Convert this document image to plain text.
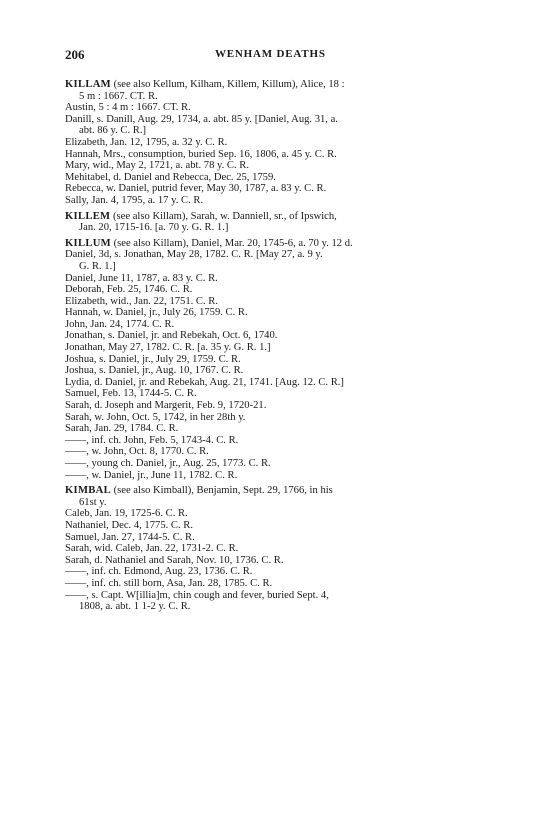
206	WENHAM DEATHS

KILLAM (see also Kellum, Kilham, Killem, Killum), Alice, 18 :
5 m : 1667. CT. R.

Austin, 5 : 4 m : 1667. CT. R.

Danill, s. Danill, Aug. 29, 1734, a. abt. 85 y. [Daniel, Aug. 31, a.
abt. 86 y. C. R.]

Elizabeth, Jan. 12, 1795, a. 32 y. C. R.

Hannah, Mrs., consumption, buried Sep. 16, 1806, a. 45 y. C. R.

Mary, wid., May 2, 1721, a. abt. 78 y. C. R.

Mehitabel, d. Daniel and Rebecca, Dec. 25, 1759.

Rebecca, w. Daniel, putrid fever, May 30, 1787, a. 83 y. C. R.

Sally, Jan. 4, 1795, a. 17 y. C. R.

KILLEM (see also Killam), Sarah, w. Danniell, sr., of Ipswich,
Jan. 20, 1715-16. [a. 70 y. G. R. 1.]

KILLUM (see also Killam), Daniel, Mar. 20, 1745-6, a. 70 y. 12 d.

Daniel, 3d, s. Jonathan, May 28, 1782. C. R. [May 27, a. 9 y.
G. R. 1.]

Daniel, June 11, 1787, a. 83 y. C. R.

Deborah, Feb. 25, 1746. C. R.

Elizabeth, wid., Jan. 22, 1751. C. R.

Hannah, w. Daniel, jr., July 26, 1759. C. R.

John, Jan. 24, 1774. C. R.

Jonathan, s. Daniel, jr. and Rebekah, Oct. 6, 1740.

Jonathan, May 27, 1782. C. R. [a. 35 y. G. R. 1.]

Joshua, s. Daniel, jr., July 29, 1759. C. R.

Joshua, s. Daniel, jr., Aug. 10, 1767. C. R.

Lydia, d. Daniel, jr. and Rebekah, Aug. 21, 1741. [Aug. 12. C. R.]

Samuel, Feb. 13, 1744-5. C. R.

Sarah, d. Joseph and Margerit, Feb. 9, 1720-21.

Sarah, w. John, Oct. 5, 1742, in her 28th y.

Sarah, Jan. 29, 1784. C. R.

——, inf. ch. John, Feb. 5, 1743-4. C. R.

——, w. John, Oct. 8, 1770. C. R.

——, young ch. Daniel, jr., Aug. 25, 1773. C. R.

——, w. Daniel, jr., June 11, 1782. C. R.

KIMBAL (see also Kimball), Benjamin, Sept. 29, 1766, in his
61st y.

Caleb, Jan. 19, 1725-6. C. R.

Nathaniel, Dec. 4, 1775. C. R.

Samuel, Jan. 27, 1744-5. C. R.

Sarah, wid. Caleb, Jan. 22, 1731-2. C. R.

Sarah, d. Nathaniel and Sarah, Nov. 10, 1736. C. R.

——, inf. ch. Edmond, Aug. 23, 1736. C. R.

——, inf. ch. still born, Asa, Jan. 28, 1785. C. R.

——, s. Capt. W[illia]m, chin cough and fever, buried Sept. 4,
1808, a. abt. 1 1-2 y. C. R.
